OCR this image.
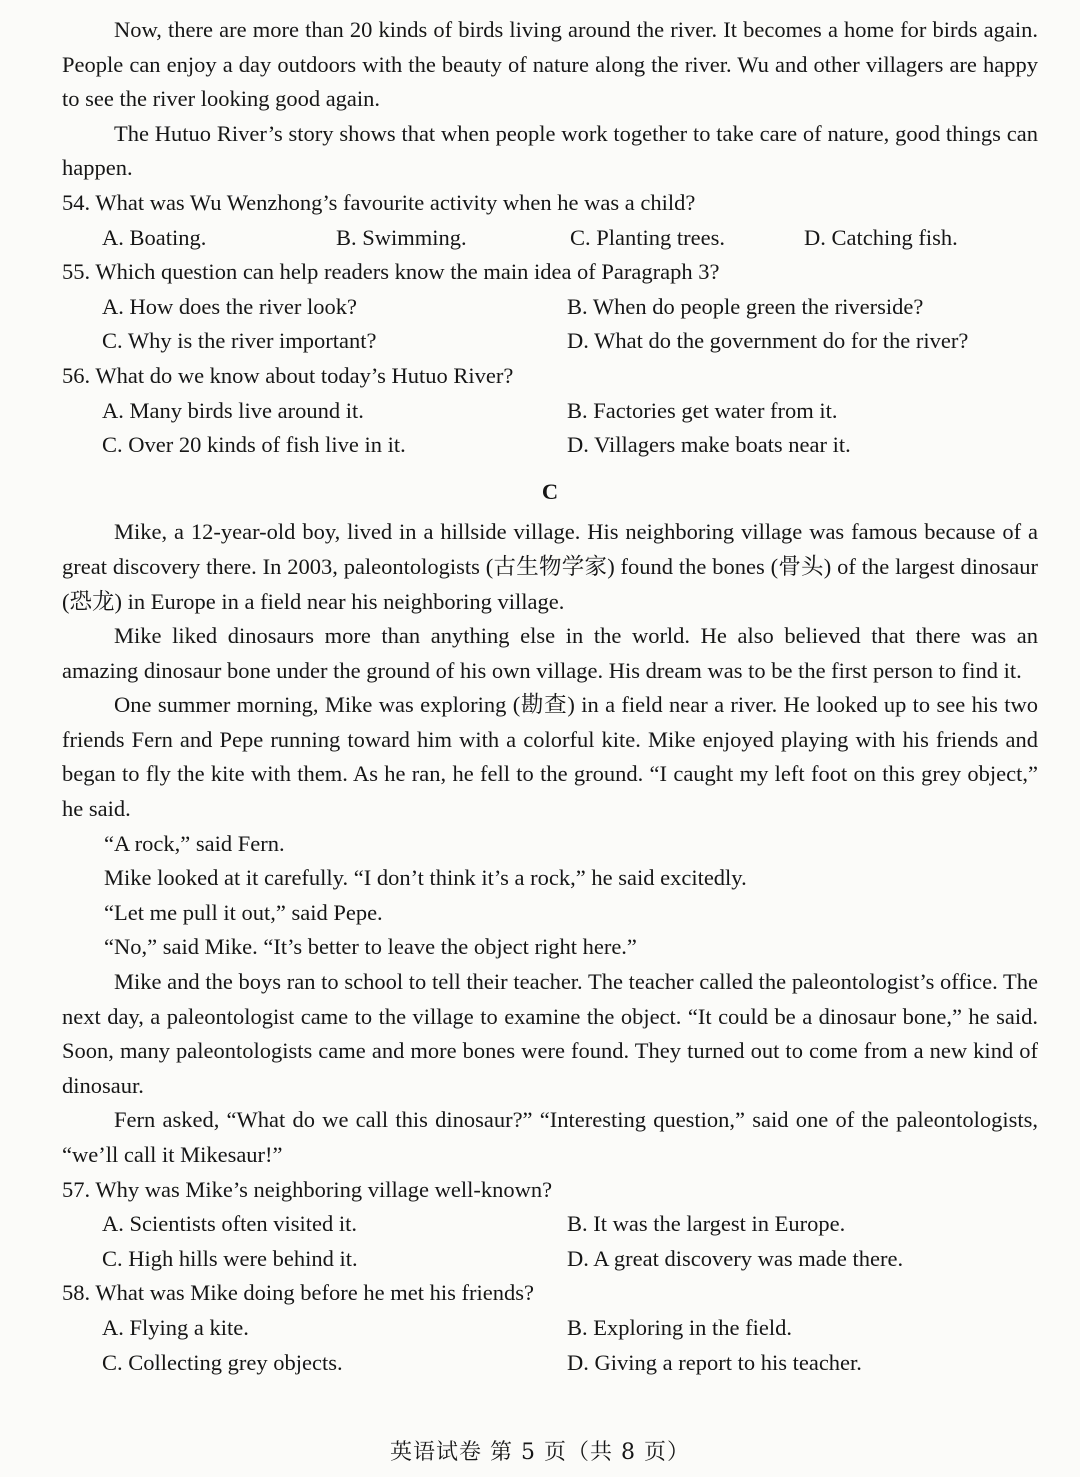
Now, there are more than 20 kinds of birds living around the river. It becomes a home for birds again. People can enjoy a day outdoors with the beauty of nature along the river. Wu and other villagers are happy to see the river looking good again.

The Hutuo River’s story shows that when people work together to take care of nature, good things can happen.

54. What was Wu Wenzhong’s favourite activity when he was a child?

A. Boating.	B. Swimming.	C. Planting trees.	D. Catching fish.

55. Which question can help readers know the main idea of Paragraph 3?

A. How does the river look?	B. When do people green the riverside?
C. Why is the river important?	D. What do the government do for the river?

56. What do we know about today’s Hutuo River?

A. Many birds live around it.	B. Factories get water from it.
C. Over 20 kinds of fish live in it.	D. Villagers make boats near it.
C

Mike, a 12-year-old boy, lived in a hillside village. His neighboring village was famous because of a great discovery there. In 2003, paleontologists (古生物学家) found the bones (骨头) of the largest dinosaur (恐龙) in Europe in a field near his neighboring village.

Mike liked dinosaurs more than anything else in the world. He also believed that there was an amazing dinosaur bone under the ground of his own village. His dream was to be the first person to find it.

One summer morning, Mike was exploring (勘查) in a field near a river. He looked up to see his two friends Fern and Pepe running toward him with a colorful kite. Mike enjoyed playing with his friends and began to fly the kite with them. As he ran, he fell to the ground. “I caught my left foot on this grey object,” he said.

“A rock,” said Fern.
Mike looked at it carefully. “I don’t think it’s a rock,” he said excitedly.
“Let me pull it out,” said Pepe.
“No,” said Mike. “It’s better to leave the object right here.”

Mike and the boys ran to school to tell their teacher. The teacher called the paleontologist’s office. The next day, a paleontologist came to the village to examine the object. “It could be a dinosaur bone,” he said. Soon, many paleontologists came and more bones were found. They turned out to come from a new kind of dinosaur.

Fern asked, “What do we call this dinosaur?” “Interesting question,” said one of the paleontologists, “we’ll call it Mikesaur!”

57. Why was Mike’s neighboring village well-known?

A. Scientists often visited it.	B. It was the largest in Europe.
C. High hills were behind it.	D. A great discovery was made there.

58. What was Mike doing before he met his friends?

A. Flying a kite.	B. Exploring in the field.
C. Collecting grey objects.	D. Giving a report to his teacher.
英语试卷 第 5 页（共 8 页）
